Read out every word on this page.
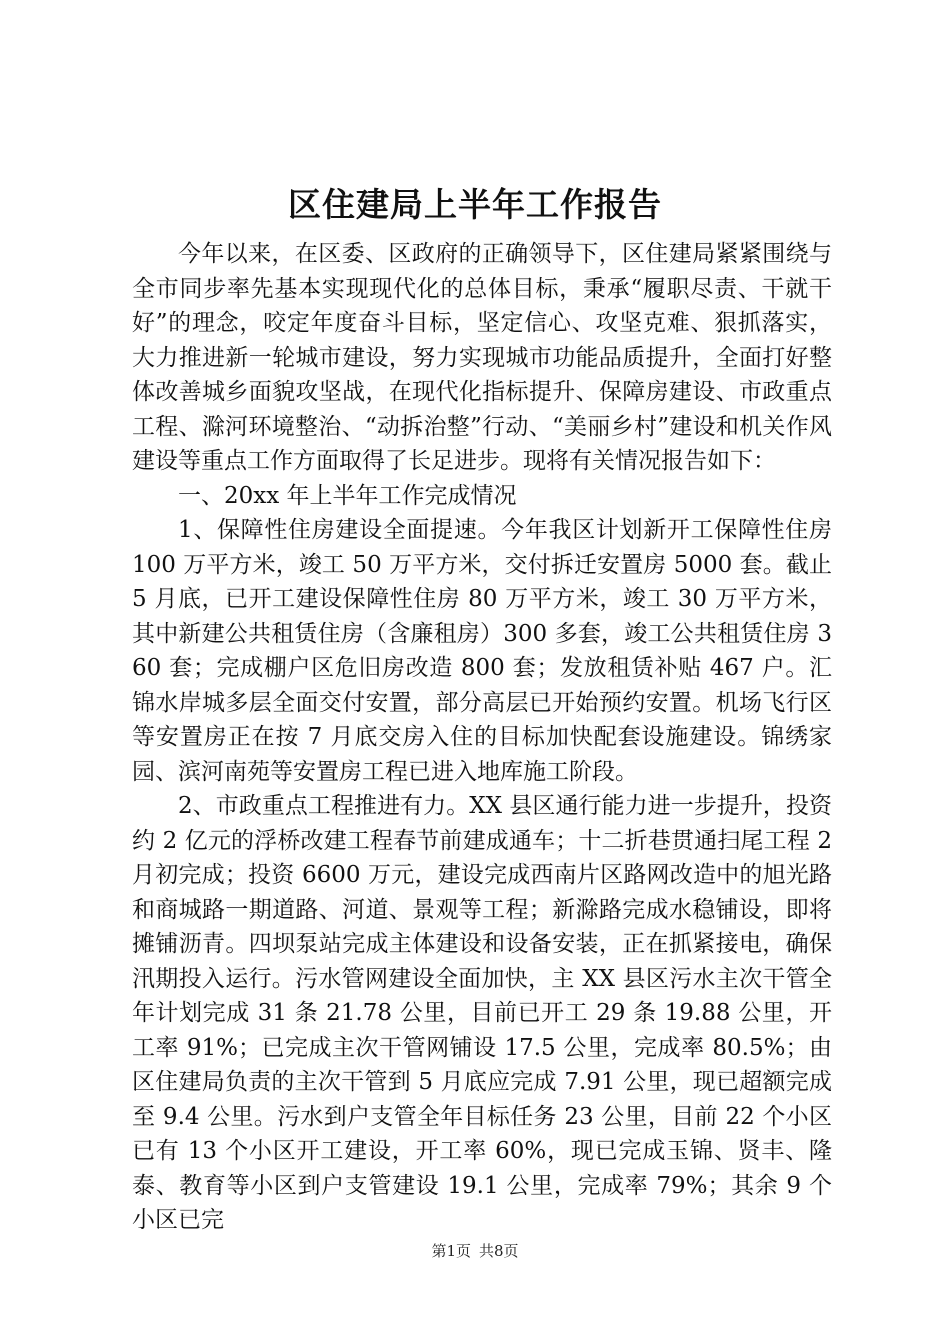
区住建局上半年工作报告

今年以来，在区委、区政府的正确领导下，区住建局紧紧围绕与全市同步率先基本实现现代化的总体目标，秉承“履职尽责、干就干好”的理念，咬定年度奋斗目标，坚定信心、攻坚克难、狠抓落实，大力推进新一轮城市建设，努力实现城市功能品质提升，全面打好整体改善城乡面貌攻坚战，在现代化指标提升、保障房建设、市政重点工程、滁河环境整治、“动拆治整”行动、“美丽乡村”建设和机关作风建设等重点工作方面取得了长足进步。现将有关情况报告如下：

一、20xx 年上半年工作完成情况

1、保障性住房建设全面提速。今年我区计划新开工保障性住房 100 万平方米，竣工 50 万平方米，交付拆迁安置房 5000 套。截止 5 月底，已开工建设保障性住房 80 万平方米，竣工 30 万平方米，其中新建公共租赁住房（含廉租房）300 多套，竣工公共租赁住房 360 套；完成棚户区危旧房改造 800 套；发放租赁补贴 467 户。汇锦水岸城多层全面交付安置，部分高层已开始预约安置。机场飞行区等安置房正在按 7 月底交房入住的目标加快配套设施建设。锦绣家园、滨河南苑等安置房工程已进入地库施工阶段。

2、市政重点工程推进有力。XX 县区通行能力进一步提升，投资约 2 亿元的浮桥改建工程春节前建成通车；十二折巷贯通扫尾工程 2 月初完成；投资 6600 万元，建设完成西南片区路网改造中的旭光路和商城路一期道路、河道、景观等工程；新滁路完成水稳铺设，即将摊铺沥青。四坝泵站完成主体建设和设备安装，正在抓紧接电，确保汛期投入运行。污水管网建设全面加快，主 XX 县区污水主次干管全年计划完成 31 条 21.78 公里，目前已开工 29 条 19.88 公里，开工率 91%；已完成主次干管网铺设 17.5 公里，完成率 80.5%；由区住建局负责的主次干管到 5 月底应完成 7.91 公里，现已超额完成至 9.4 公里。污水到户支管全年目标任务 23 公里，目前 22 个小区已有 13 个小区开工建设，开工率 60%，现已完成玉锦、贤丰、隆泰、教育等小区到户支管建设 19.1 公里，完成率 79%；其余 9 个小区已完

第1页 共8页
